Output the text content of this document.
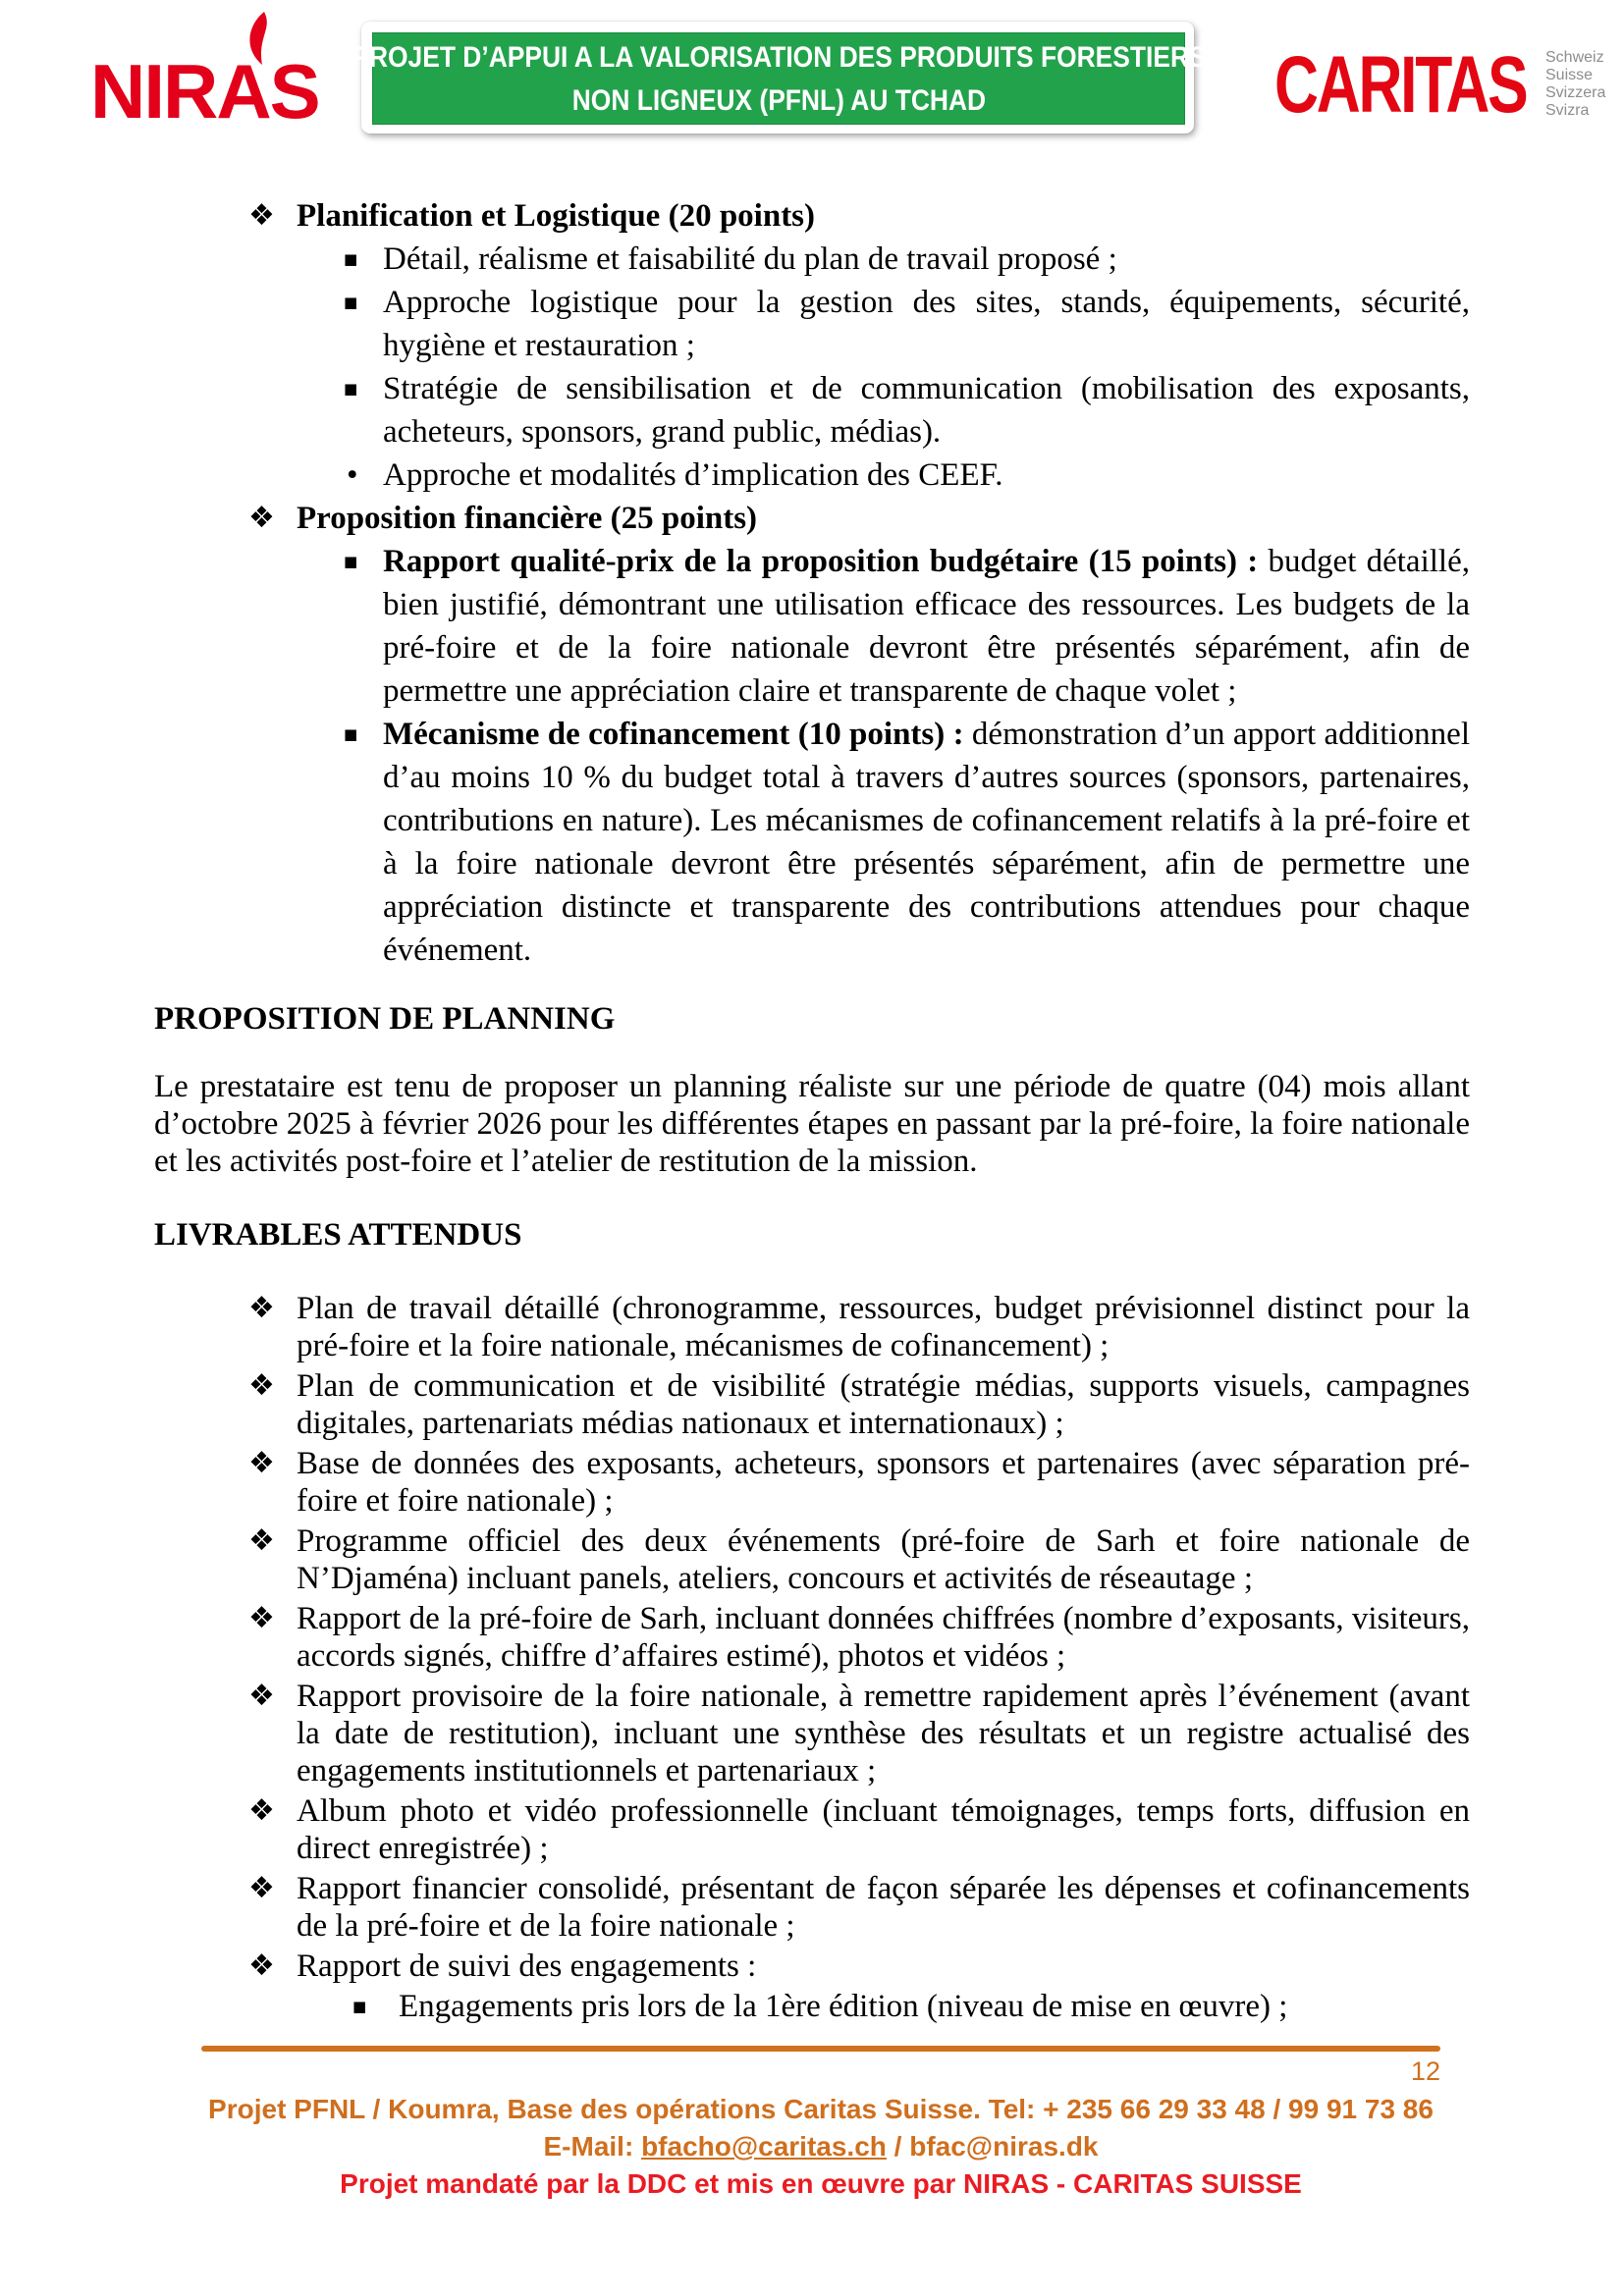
NIRAS PROJET D’APPUI A LA VALORISATION DES PRODUITS FORESTIERS
NON LIGNEUX (PFNL) AU TCHAD	CARITAS Schweiz
Suisse
Svizzera
Svizra
❖ Planification et Logistique (20 points)
■ Détail, réalisme et faisabilité du plan de travail proposé ;
■ Approche logistique pour la gestion des sites, stands, équipements, sécurité, hygiène et restauration ;
■ Stratégie de sensibilisation et de communication (mobilisation des exposants, acheteurs, sponsors, grand public, médias).
• Approche et modalités d’implication des CEEF.
❖ Proposition financière (25 points)
■ Rapport qualité-prix de la proposition budgétaire (15 points) : budget détaillé, bien justifié, démontrant une utilisation efficace des ressources. Les budgets de la pré-foire et de la foire nationale devront être présentés séparément, afin de permettre une appréciation claire et transparente de chaque volet ;
■ Mécanisme de cofinancement (10 points) : démonstration d’un apport additionnel d’au moins 10 % du budget total à travers d’autres sources (sponsors, partenaires, contributions en nature). Les mécanismes de cofinancement relatifs à la pré-foire et à la foire nationale devront être présentés séparément, afin de permettre une appréciation distincte et transparente des contributions attendues pour chaque événement.
PROPOSITION DE PLANNING
Le prestataire est tenu de proposer un planning réaliste sur une période de quatre (04) mois allant d’octobre 2025 à février 2026 pour les différentes étapes en passant par la pré-foire, la foire nationale et les activités post-foire et l’atelier de restitution de la mission.
LIVRABLES ATTENDUS
❖ Plan de travail détaillé (chronogramme, ressources, budget prévisionnel distinct pour la pré-foire et la foire nationale, mécanismes de cofinancement) ;
❖ Plan de communication et de visibilité (stratégie médias, supports visuels, campagnes digitales, partenariats médias nationaux et internationaux) ;
❖ Base de données des exposants, acheteurs, sponsors et partenaires (avec séparation pré-foire et foire nationale) ;
❖ Programme officiel des deux événements (pré-foire de Sarh et foire nationale de N’Djaména) incluant panels, ateliers, concours et activités de réseautage ;
❖ Rapport de la pré-foire de Sarh, incluant données chiffrées (nombre d’exposants, visiteurs, accords signés, chiffre d’affaires estimé), photos et vidéos ;
❖ Rapport provisoire de la foire nationale, à remettre rapidement après l’événement (avant la date de restitution), incluant une synthèse des résultats et un registre actualisé des engagements institutionnels et partenariaux ;
❖ Album photo et vidéo professionnelle (incluant témoignages, temps forts, diffusion en direct enregistrée) ;
❖ Rapport financier consolidé, présentant de façon séparée les dépenses et cofinancements de la pré-foire et de la foire nationale ;
❖ Rapport de suivi des engagements :
■ Engagements pris lors de la 1ère édition (niveau de mise en œuvre) ;
12
Projet PFNL / Koumra, Base des opérations Caritas Suisse. Tel: + 235 66 29 33 48 / 99 91 73 86
E-Mail: bfacho@caritas.ch / bfac@niras.dk
Projet mandaté par la DDC et mis en œuvre par NIRAS - CARITAS SUISSE
